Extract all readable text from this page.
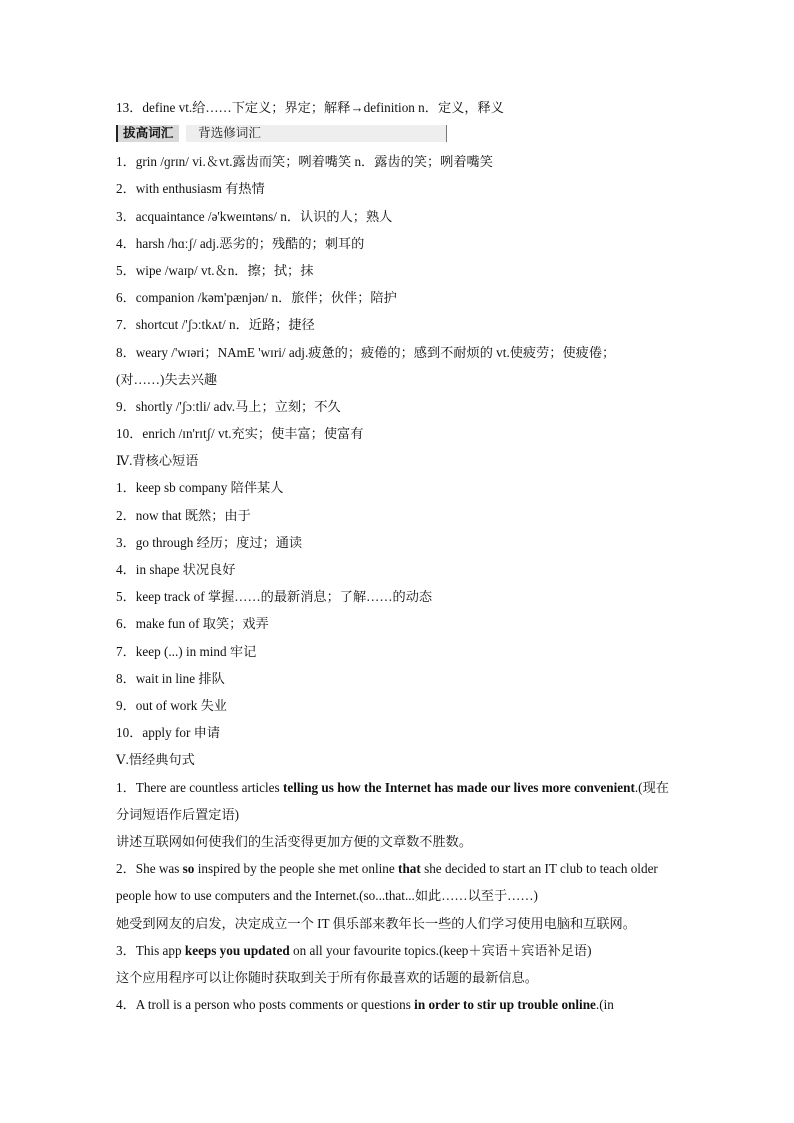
13．define vt.给……下定义；界定；解释→definition n．定义，释义
拔高词汇	背选修词汇
1．grin /ɡrɪn/ vi.＆vt.露齿而笑；咧着嘴笑 n．露齿的笑；咧着嘴笑
2．with enthusiasm 有热情
3．acquaintance /ə'kweɪntəns/ n．认识的人；熟人
4．harsh /hɑːʃ/ adj.恶劣的；残酷的；刺耳的
5．wipe /waɪp/ vt.＆n．擦；拭；抹
6．companion /kəm'pænjən/ n．旅伴；伙伴；陪护
7．shortcut /'ʃɔːtkʌt/ n．近路；捷径
8．weary /'wɪəri；NAmE 'wɪri/ adj.疲惫的；疲倦的；感到不耐烦的 vt.使疲劳；使疲倦；
(对……)失去兴趣
9．shortly /'ʃɔːtli/ adv.马上；立刻；不久
10．enrich /ɪn'rɪtʃ/ vt.充实；使丰富；使富有
Ⅳ.背核心短语
1．keep sb company 陪伴某人
2．now that 既然；由于
3．go through 经历；度过；通读
4．in shape 状况良好
5．keep track of 掌握……的最新消息；了解……的动态
6．make fun of 取笑；戏弄
7．keep (...) in mind 牢记
8．wait in line 排队
9．out of work 失业
10．apply for 申请
Ⅴ.悟经典句式
1．There are countless articles telling us how the Internet has made our lives more convenient.(现在分词短语作后置定语)
讲述互联网如何使我们的生活变得更加方便的文章数不胜数。
2．She was so inspired by the people she met online that she decided to start an IT club to teach older people how to use computers and the Internet.(so...that...如此……以至于……)
她受到网友的启发，决定成立一个 IT 俱乐部来教年长一些的人们学习使用电脑和互联网。
3．This app keeps you updated on all your favourite topics.(keep＋宾语＋宾语补足语)
这个应用程序可以让你随时获取到关于所有你最喜欢的话题的最新信息。
4．A troll is a person who posts comments or questions in order to stir up trouble online.(in
